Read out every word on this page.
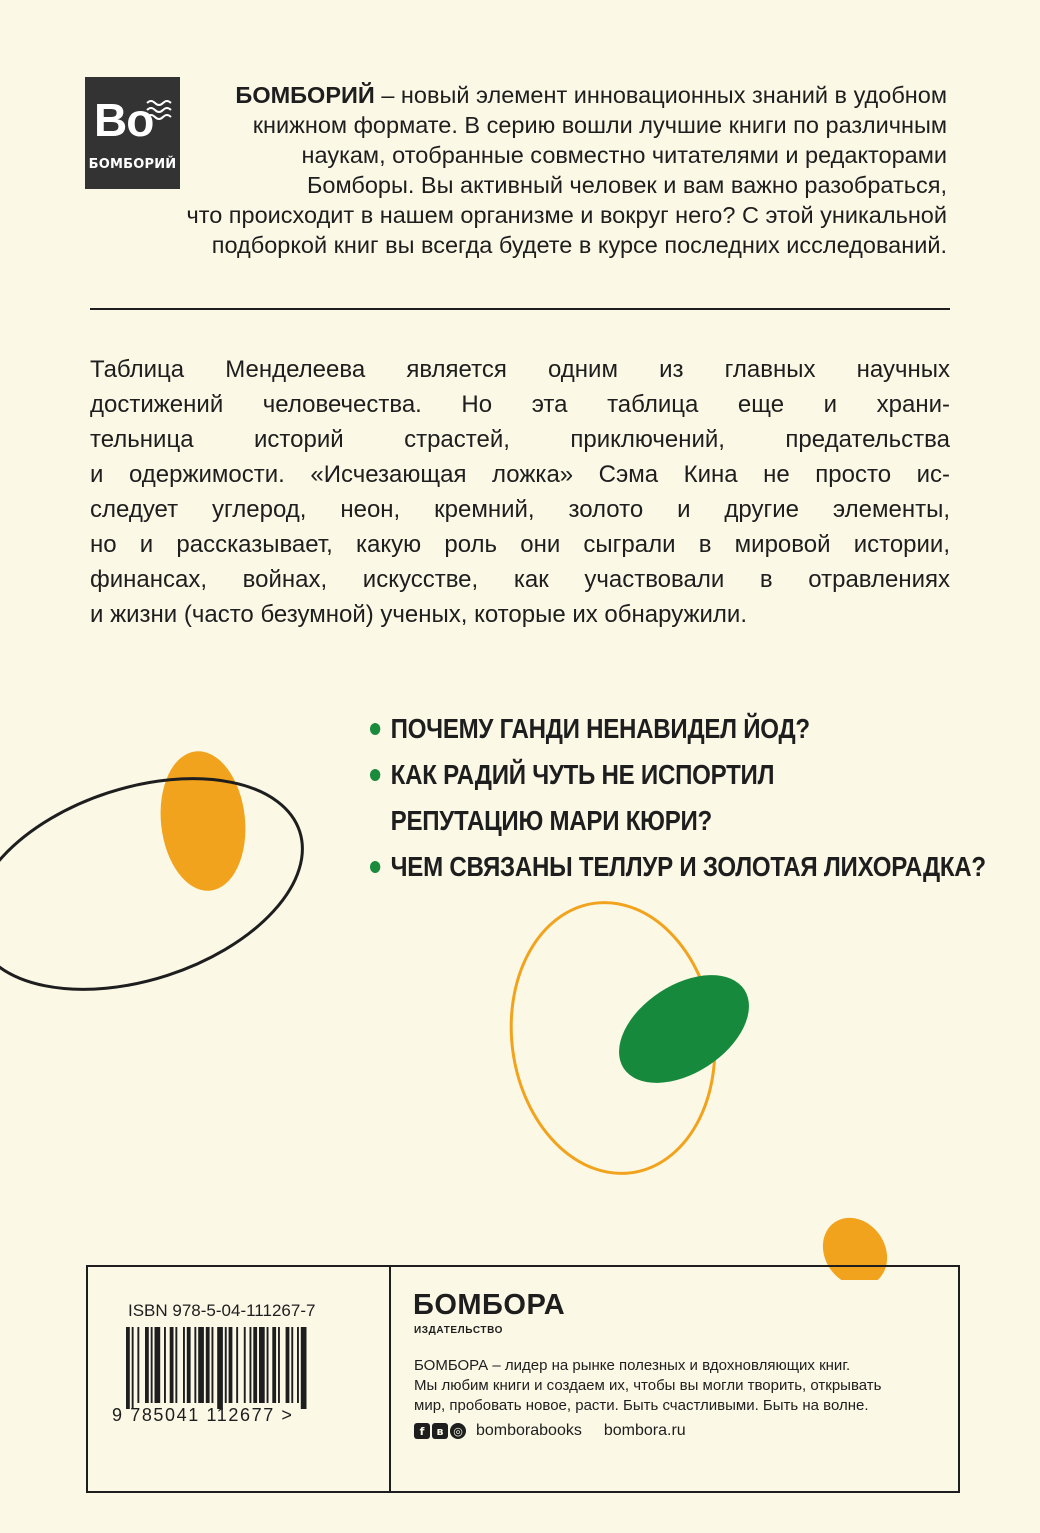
Bo
БОМБОРИЙ
БОМБОРИЙ – новый элемент инновационных знаний в удобном
книжном формате. В серию вошли лучшие книги по различным
наукам, отобранные совместно читателями и редакторами
Бомборы. Вы активный человек и вам важно разобраться,
что происходит в нашем организме и вокруг него? С этой уникальной
подборкой книг вы всегда будете в курсе последних исследований.
Таблица Менделеева является одним из главных научных
достижений человечества. Но эта таблица еще и храни-
тельница историй страстей, приключений, предательства
и одержимости. «Исчезающая ложка» Сэма Кина не просто ис-
следует углерод, неон, кремний, золото и другие элементы,
но и рассказывает, какую роль они сыграли в мировой истории,
финансах, войнах, искусстве, как участвовали в отравлениях
и жизни (часто безумной) ученых, которые их обнаружили.
ПОЧЕМУ ГАНДИ НЕНАВИДЕЛ ЙОД?
КАК РАДИЙ ЧУТЬ НЕ ИСПОРТИЛ
РЕПУТАЦИЮ МАРИ КЮРИ?
ЧЕМ СВЯЗАНЫ ТЕЛЛУР И ЗОЛОТАЯ ЛИХОРАДКА?
ISBN 978-5-04-111267-7
9 785041 112677 >
БОМБОРА
ИЗДАТЕЛЬСТВО
БОМБОРА – лидер на рынке полезных и вдохновляющих книг.
Мы любим книги и создаем их, чтобы вы могли творить, открывать
мир, пробовать новое, расти. Быть счастливыми. Быть на волне.
f	в ◎ bomborabooks bombora.ru
